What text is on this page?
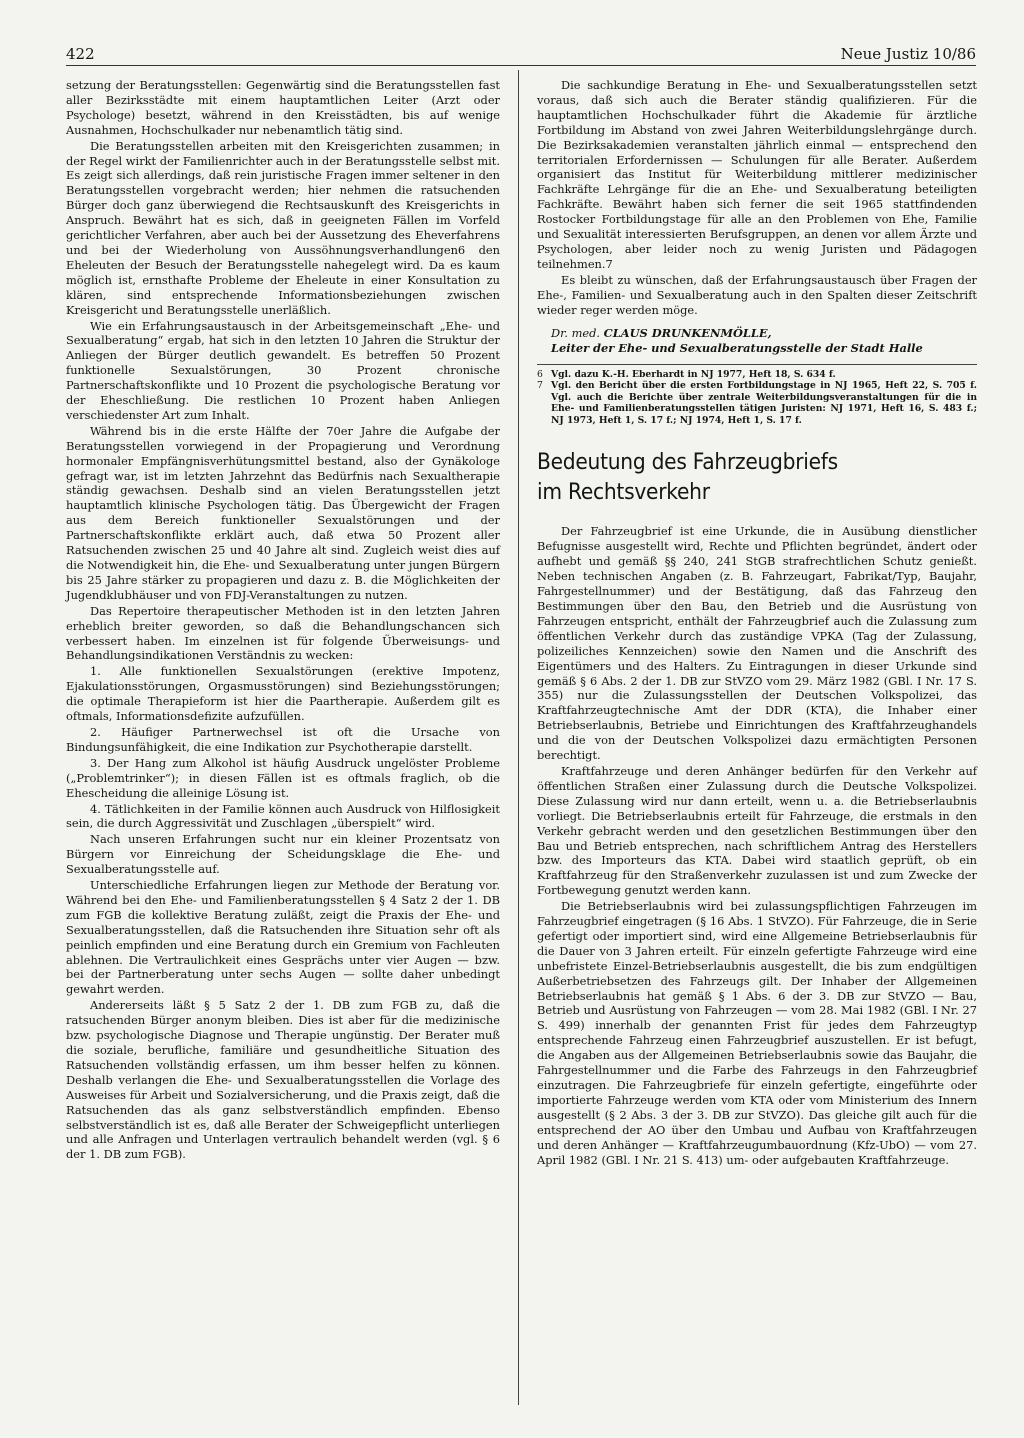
422	Neue Justiz 10/86

setzung der Beratungsstellen: Gegenwärtig sind die Beratungsstellen fast aller Bezirksstädte mit einem hauptamtlichen Leiter (Arzt oder Psychologe) besetzt, während in den Kreisstädten, bis auf wenige Ausnahmen, Hochschulkader nur nebenamtlich tätig sind.

Die Beratungsstellen arbeiten mit den Kreisgerichten zusammen; in der Regel wirkt der Familienrichter auch in der Beratungsstelle selbst mit. Es zeigt sich allerdings, daß rein juristische Fragen immer seltener in den Beratungsstellen vorgebracht werden; hier nehmen die ratsuchenden Bürger doch ganz überwiegend die Rechtsauskunft des Kreisgerichts in Anspruch. Bewährt hat es sich, daß in geeigneten Fällen im Vorfeld gerichtlicher Verfahren, aber auch bei der Aussetzung des Eheverfahrens und bei der Wiederholung von Aussöhnungsverhandlungen6 den Eheleuten der Besuch der Beratungsstelle nahegelegt wird. Da es kaum möglich ist, ernsthafte Probleme der Eheleute in einer Konsultation zu klären, sind entsprechende Informationsbeziehungen zwischen Kreisgericht und Beratungsstelle unerläßlich.

Wie ein Erfahrungsaustausch in der Arbeitsgemeinschaft „Ehe- und Sexualberatung“ ergab, hat sich in den letzten 10 Jahren die Struktur der Anliegen der Bürger deutlich gewandelt. Es betreffen 50 Prozent funktionelle Sexualstörungen, 30 Prozent chronische Partnerschaftskonflikte und 10 Prozent die psychologische Beratung vor der Eheschließung. Die restlichen 10 Prozent haben Anliegen verschiedenster Art zum Inhalt.

Während bis in die erste Hälfte der 70er Jahre die Aufgabe der Beratungsstellen vorwiegend in der Propagierung und Verordnung hormonaler Empfängnisverhütungsmittel bestand, also der Gynäkologe gefragt war, ist im letzten Jahrzehnt das Bedürfnis nach Sexualtherapie ständig gewachsen. Deshalb sind an vielen Beratungsstellen jetzt hauptamtlich klinische Psychologen tätig. Das Übergewicht der Fragen aus dem Bereich funktioneller Sexualstörungen und der Partnerschaftskonflikte erklärt auch, daß etwa 50 Prozent aller Ratsuchenden zwischen 25 und 40 Jahre alt sind. Zugleich weist dies auf die Notwendigkeit hin, die Ehe- und Sexualberatung unter jungen Bürgern bis 25 Jahre stärker zu propagieren und dazu z. B. die Möglichkeiten der Jugendklubhäuser und von FDJ-Veranstaltungen zu nutzen.

Das Repertoire therapeutischer Methoden ist in den letzten Jahren erheblich breiter geworden, so daß die Behandlungschancen sich verbessert haben. Im einzelnen ist für folgende Überweisungs- und Behandlungsindikationen Verständnis zu wecken:

1. Alle funktionellen Sexualstörungen (erektive Impotenz, Ejakulationsstörungen, Orgasmusstörungen) sind Beziehungsstörungen; die optimale Therapieform ist hier die Paartherapie. Außerdem gilt es oftmals, Informationsdefizite aufzufüllen.

2. Häufiger Partnerwechsel ist oft die Ursache von Bindungsunfähigkeit, die eine Indikation zur Psychotherapie darstellt.

3. Der Hang zum Alkohol ist häufig Ausdruck ungelöster Probleme („Problemtrinker“); in diesen Fällen ist es oftmals fraglich, ob die Ehescheidung die alleinige Lösung ist.

4. Tätlichkeiten in der Familie können auch Ausdruck von Hilflosigkeit sein, die durch Aggressivität und Zuschlagen „überspielt“ wird.

Nach unseren Erfahrungen sucht nur ein kleiner Prozentsatz von Bürgern vor Einreichung der Scheidungsklage die Ehe- und Sexualberatungsstelle auf.

Unterschiedliche Erfahrungen liegen zur Methode der Beratung vor. Während bei den Ehe- und Familienberatungsstellen § 4 Satz 2 der 1. DB zum FGB die kollektive Beratung zuläßt, zeigt die Praxis der Ehe- und Sexualberatungsstellen, daß die Ratsuchenden ihre Situation sehr oft als peinlich empfinden und eine Beratung durch ein Gremium von Fachleuten ablehnen. Die Vertraulichkeit eines Gesprächs unter vier Augen — bzw. bei der Partnerberatung unter sechs Augen — sollte daher unbedingt gewahrt werden.

Andererseits läßt § 5 Satz 2 der 1. DB zum FGB zu, daß die ratsuchenden Bürger anonym bleiben. Dies ist aber für die medizinische bzw. psychologische Diagnose und Therapie ungünstig. Der Berater muß die soziale, berufliche, familiäre und gesundheitliche Situation des Ratsuchenden vollständig erfassen, um ihm besser helfen zu können. Deshalb verlangen die Ehe- und Sexualberatungsstellen die Vorlage des Ausweises für Arbeit und Sozialversicherung, und die Praxis zeigt, daß die Ratsuchenden das als ganz selbstverständlich empfinden. Ebenso selbstverständlich ist es, daß alle Berater der Schweigepflicht unterliegen und alle Anfragen und Unterlagen vertraulich behandelt werden (vgl. § 6 der 1. DB zum FGB).

Die sachkundige Beratung in Ehe- und Sexualberatungsstellen setzt voraus, daß sich auch die Berater ständig qualifizieren. Für die hauptamtlichen Hochschulkader führt die Akademie für ärztliche Fortbildung im Abstand von zwei Jahren Weiterbildungslehrgänge durch. Die Bezirksakademien veranstalten jährlich einmal — entsprechend den territorialen Erfordernissen — Schulungen für alle Berater. Außerdem organisiert das Institut für Weiterbildung mittlerer medizinischer Fachkräfte Lehrgänge für die an Ehe- und Sexualberatung beteiligten Fachkräfte. Bewährt haben sich ferner die seit 1965 stattfindenden Rostocker Fortbildungstage für alle an den Problemen von Ehe, Familie und Sexualität interessierten Berufsgruppen, an denen vor allem Ärzte und Psychologen, aber leider noch zu wenig Juristen und Pädagogen teilnehmen.7

Es bleibt zu wünschen, daß der Erfahrungsaustausch über Fragen der Ehe-, Familien- und Sexualberatung auch in den Spalten dieser Zeitschrift wieder reger werden möge.

Dr. med. CLAUS DRUNKENMÖLLE,
Leiter der Ehe- und Sexualberatungsstelle der Stadt Halle
6 Vgl. dazu K.-H. Eberhardt in NJ 1977, Heft 18, S. 634 f.
7 Vgl. den Bericht über die ersten Fortbildungstage in NJ 1965, Heft 22, S. 705 f. Vgl. auch die Berichte über zentrale Weiterbildungsveranstaltungen für die in Ehe- und Familienberatungsstellen tätigen Juristen: NJ 1971, Heft 16, S. 483 f.; NJ 1973, Heft 1, S. 17 f.; NJ 1974, Heft 1, S. 17 f.
Bedeutung des Fahrzeugbriefs
im Rechtsverkehr

Der Fahrzeugbrief ist eine Urkunde, die in Ausübung dienstlicher Befugnisse ausgestellt wird, Rechte und Pflichten begründet, ändert oder aufhebt und gemäß §§ 240, 241 StGB strafrechtlichen Schutz genießt. Neben technischen Angaben (z. B. Fahrzeugart, Fabrikat/Typ, Baujahr, Fahrgestellnummer) und der Bestätigung, daß das Fahrzeug den Bestimmungen über den Bau, den Betrieb und die Ausrüstung von Fahrzeugen entspricht, enthält der Fahrzeugbrief auch die Zulassung zum öffentlichen Verkehr durch das zuständige VPKA (Tag der Zulassung, polizeiliches Kennzeichen) sowie den Namen und die Anschrift des Eigentümers und des Halters. Zu Eintragungen in dieser Urkunde sind gemäß § 6 Abs. 2 der 1. DB zur StVZO vom 29. März 1982 (GBl. I Nr. 17 S. 355) nur die Zulassungsstellen der Deutschen Volkspolizei, das Kraftfahrzeugtechnische Amt der DDR (KTA), die Inhaber einer Betriebserlaubnis, Betriebe und Einrichtungen des Kraftfahrzeughandels und die von der Deutschen Volkspolizei dazu ermächtigten Personen berechtigt.

Kraftfahrzeuge und deren Anhänger bedürfen für den Verkehr auf öffentlichen Straßen einer Zulassung durch die Deutsche Volkspolizei. Diese Zulassung wird nur dann erteilt, wenn u. a. die Betriebserlaubnis vorliegt. Die Betriebserlaubnis erteilt für Fahrzeuge, die erstmals in den Verkehr gebracht werden und den gesetzlichen Bestimmungen über den Bau und Betrieb entsprechen, nach schriftlichem Antrag des Herstellers bzw. des Importeurs das KTA. Dabei wird staatlich geprüft, ob ein Kraftfahrzeug für den Straßenverkehr zuzulassen ist und zum Zwecke der Fortbewegung genutzt werden kann.

Die Betriebserlaubnis wird bei zulassungspflichtigen Fahrzeugen im Fahrzeugbrief eingetragen (§ 16 Abs. 1 StVZO). Für Fahrzeuge, die in Serie gefertigt oder importiert sind, wird eine Allgemeine Betriebserlaubnis für die Dauer von 3 Jahren erteilt. Für einzeln gefertigte Fahrzeuge wird eine unbefristete Einzel-Betriebserlaubnis ausgestellt, die bis zum endgültigen Außerbetriebsetzen des Fahrzeugs gilt. Der Inhaber der Allgemeinen Betriebserlaubnis hat gemäß § 1 Abs. 6 der 3. DB zur StVZO — Bau, Betrieb und Ausrüstung von Fahrzeugen — vom 28. Mai 1982 (GBl. I Nr. 27 S. 499) innerhalb der genannten Frist für jedes dem Fahrzeugtyp entsprechende Fahrzeug einen Fahrzeugbrief auszustellen. Er ist befugt, die Angaben aus der Allgemeinen Betriebserlaubnis sowie das Baujahr, die Fahrgestellnummer und die Farbe des Fahrzeugs in den Fahrzeugbrief einzutragen. Die Fahrzeugbriefe für einzeln gefertigte, eingeführte oder importierte Fahrzeuge werden vom KTA oder vom Ministerium des Innern ausgestellt (§ 2 Abs. 3 der 3. DB zur StVZO). Das gleiche gilt auch für die entsprechend der AO über den Umbau und Aufbau von Kraftfahrzeugen und deren Anhänger — Kraftfahrzeugumbauordnung (Kfz-UbO) — vom 27. April 1982 (GBl. I Nr. 21 S. 413) um- oder aufgebauten Kraftfahrzeuge.
